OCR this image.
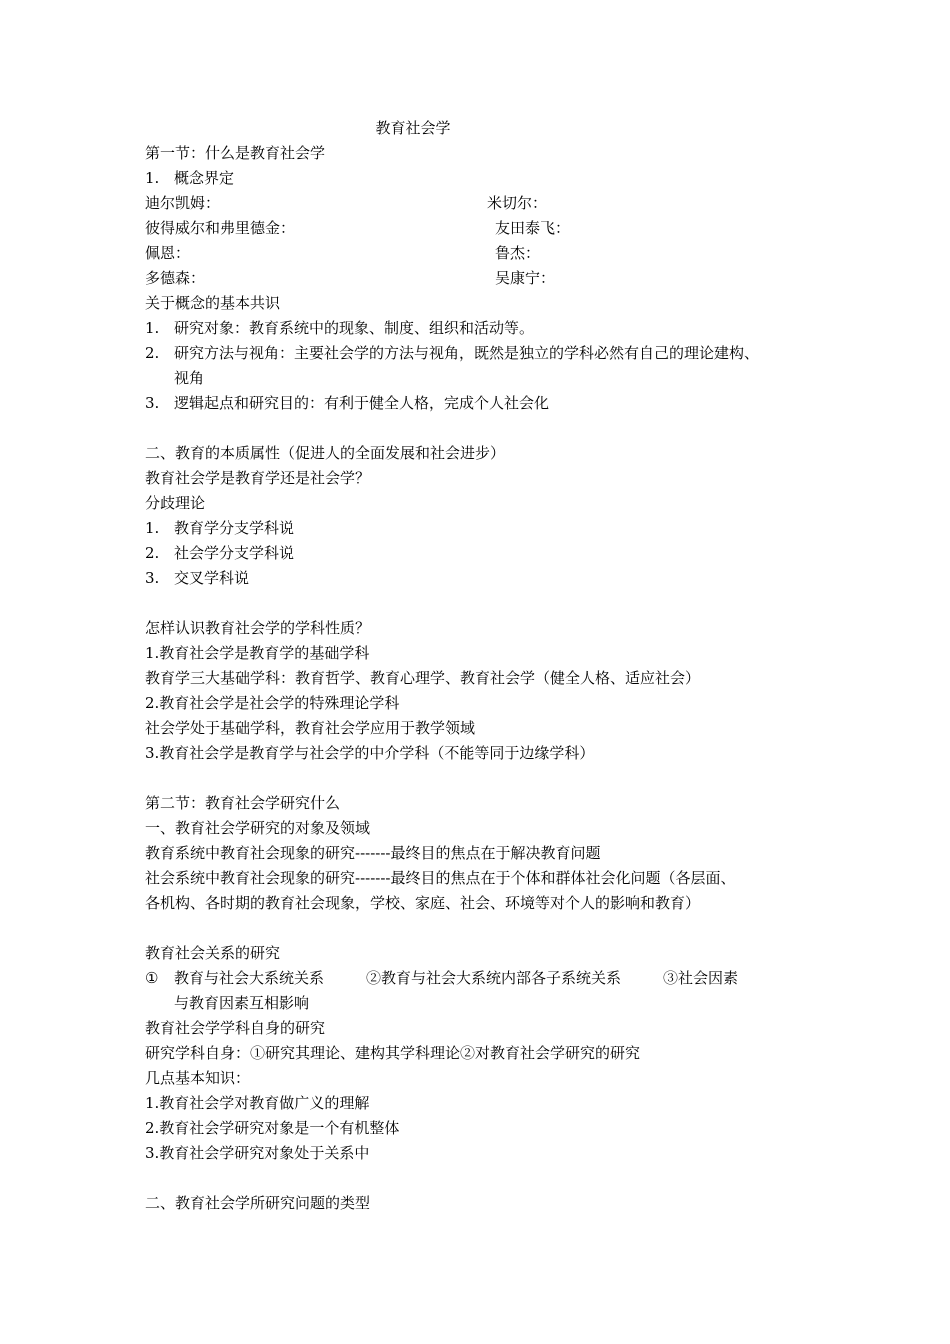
教育社会学
第一节：什么是教育社会学
1. 概念界定
迪尔凯姆：	米切尔：
彼得威尔和弗里德金：	友田泰飞：
佩恩：	鲁杰：
多德森：	吴康宁：
关于概念的基本共识
1. 研究对象：教育系统中的现象、制度、组织和活动等。
2. 研究方法与视角：主要社会学的方法与视角，既然是独立的学科必然有自己的理论建构、
视角
3. 逻辑起点和研究目的：有利于健全人格，完成个人社会化
二、教育的本质属性（促进人的全面发展和社会进步）
教育社会学是教育学还是社会学？
分歧理论
1. 教育学分支学科说
2. 社会学分支学科说
3. 交叉学科说
怎样认识教育社会学的学科性质？
1.教育社会学是教育学的基础学科
教育学三大基础学科：教育哲学、教育心理学、教育社会学（健全人格、适应社会）
2.教育社会学是社会学的特殊理论学科
社会学处于基础学科，教育社会学应用于教学领域
3.教育社会学是教育学与社会学的中介学科（不能等同于边缘学科）
第二节：教育社会学研究什么
一、教育社会学研究的对象及领域
教育系统中教育社会现象的研究-------最终目的焦点在于解决教育问题
社会系统中教育社会现象的研究-------最终目的焦点在于个体和群体社会化问题（各层面、
各机构、各时期的教育社会现象，学校、家庭、社会、环境等对个人的影响和教育）
教育社会关系的研究
① 教育与社会大系统关系	②教育与社会大系统内部各子系统关系	③社会因素
与教育因素互相影响
教育社会学学科自身的研究
研究学科自身：①研究其理论、建构其学科理论②对教育社会学研究的研究
几点基本知识：
1.教育社会学对教育做广义的理解
2.教育社会学研究对象是一个有机整体
3.教育社会学研究对象处于关系中
二、教育社会学所研究问题的类型
